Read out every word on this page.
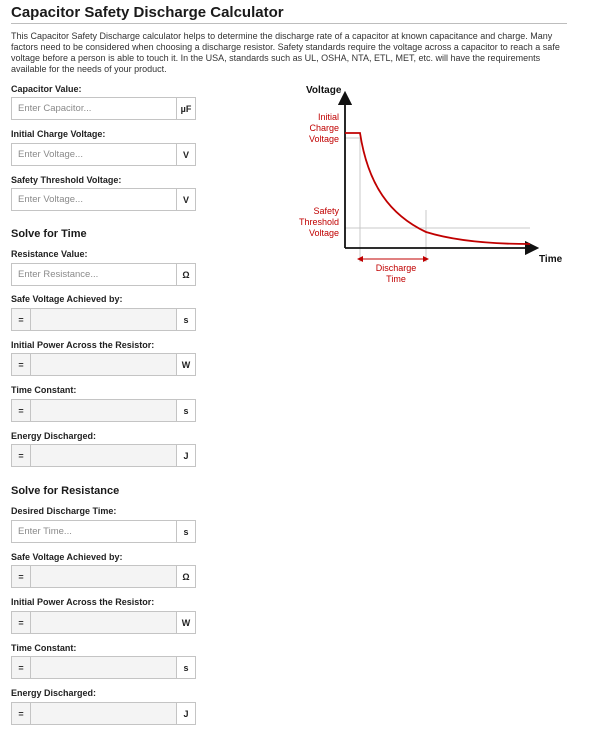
Capacitor Safety Discharge Calculator
This Capacitor Safety Discharge calculator helps to determine the discharge rate of a capacitor at known capacitance and charge. Many factors need to be considered when choosing a discharge resistor. Safety standards require the voltage across a capacitor to reach a safe voltage before a person is able to touch it. In the USA, standards such as UL, OSHA, NTA, ETL, MET, etc. will have the requirements available for the needs of your product.
Capacitor Value:
Enter Capacitor...
µF
Initial Charge Voltage:
Enter Voltage...
V
Safety Threshold Voltage:
Enter Voltage...
V
Solve for Time
Resistance Value:
Enter Resistance...
Ω
Safe Voltage Achieved by:
=	s
Initial Power Across the Resistor:
=	W
Time Constant:
=	s
Energy Discharged:
=	J
Solve for Resistance
Desired Discharge Time:
Enter Time...
s
Safe Voltage Achieved by:
=	Ω
Initial Power Across the Resistor:
=	W
Time Constant:
=	s
Energy Discharged:
=	J
Voltage
Time
Initial
Charge
Voltage
Safety
Threshold
Voltage
Discharge
Time
